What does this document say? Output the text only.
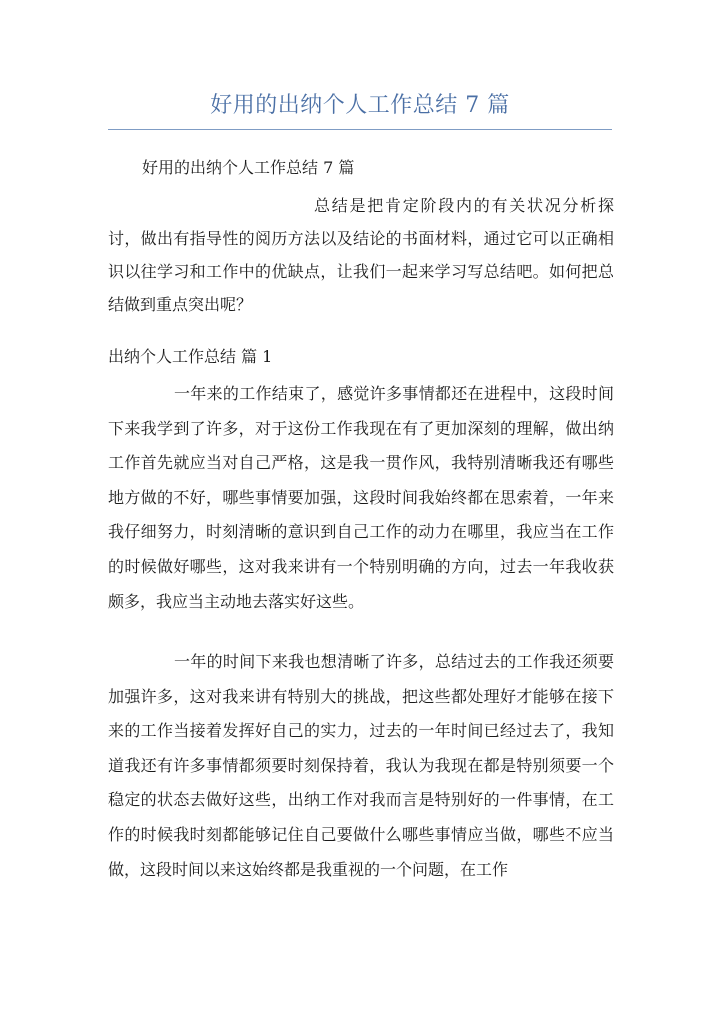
好用的出纳个人工作总结 7 篇
好用的出纳个人工作总结 7 篇
总结是把肯定阶段内的有关状况分析探讨，做出有指导性的阅历方法以及结论的书面材料，通过它可以正确相识以往学习和工作中的优缺点，让我们一起来学习写总结吧。如何把总结做到重点突出呢？
出纳个人工作总结 篇 1
一年来的工作结束了，感觉许多事情都还在进程中，这段时间下来我学到了许多，对于这份工作我现在有了更加深刻的理解，做出纳工作首先就应当对自己严格，这是我一贯作风，我特别清晰我还有哪些地方做的不好，哪些事情要加强，这段时间我始终都在思索着，一年来我仔细努力，时刻清晰的意识到自己工作的动力在哪里，我应当在工作的时候做好哪些，这对我来讲有一个特别明确的方向，过去一年我收获颇多，我应当主动地去落实好这些。
一年的时间下来我也想清晰了许多，总结过去的工作我还须要加强许多，这对我来讲有特别大的挑战，把这些都处理好才能够在接下来的工作当接着发挥好自己的实力，过去的一年时间已经过去了，我知道我还有许多事情都须要时刻保持着，我认为我现在都是特别须要一个稳定的状态去做好这些，出纳工作对我而言是特别好的一件事情，在工作的时候我时刻都能够记住自己要做什么哪些事情应当做，哪些不应当做，这段时间以来这始终都是我重视的一个问题，在工作
